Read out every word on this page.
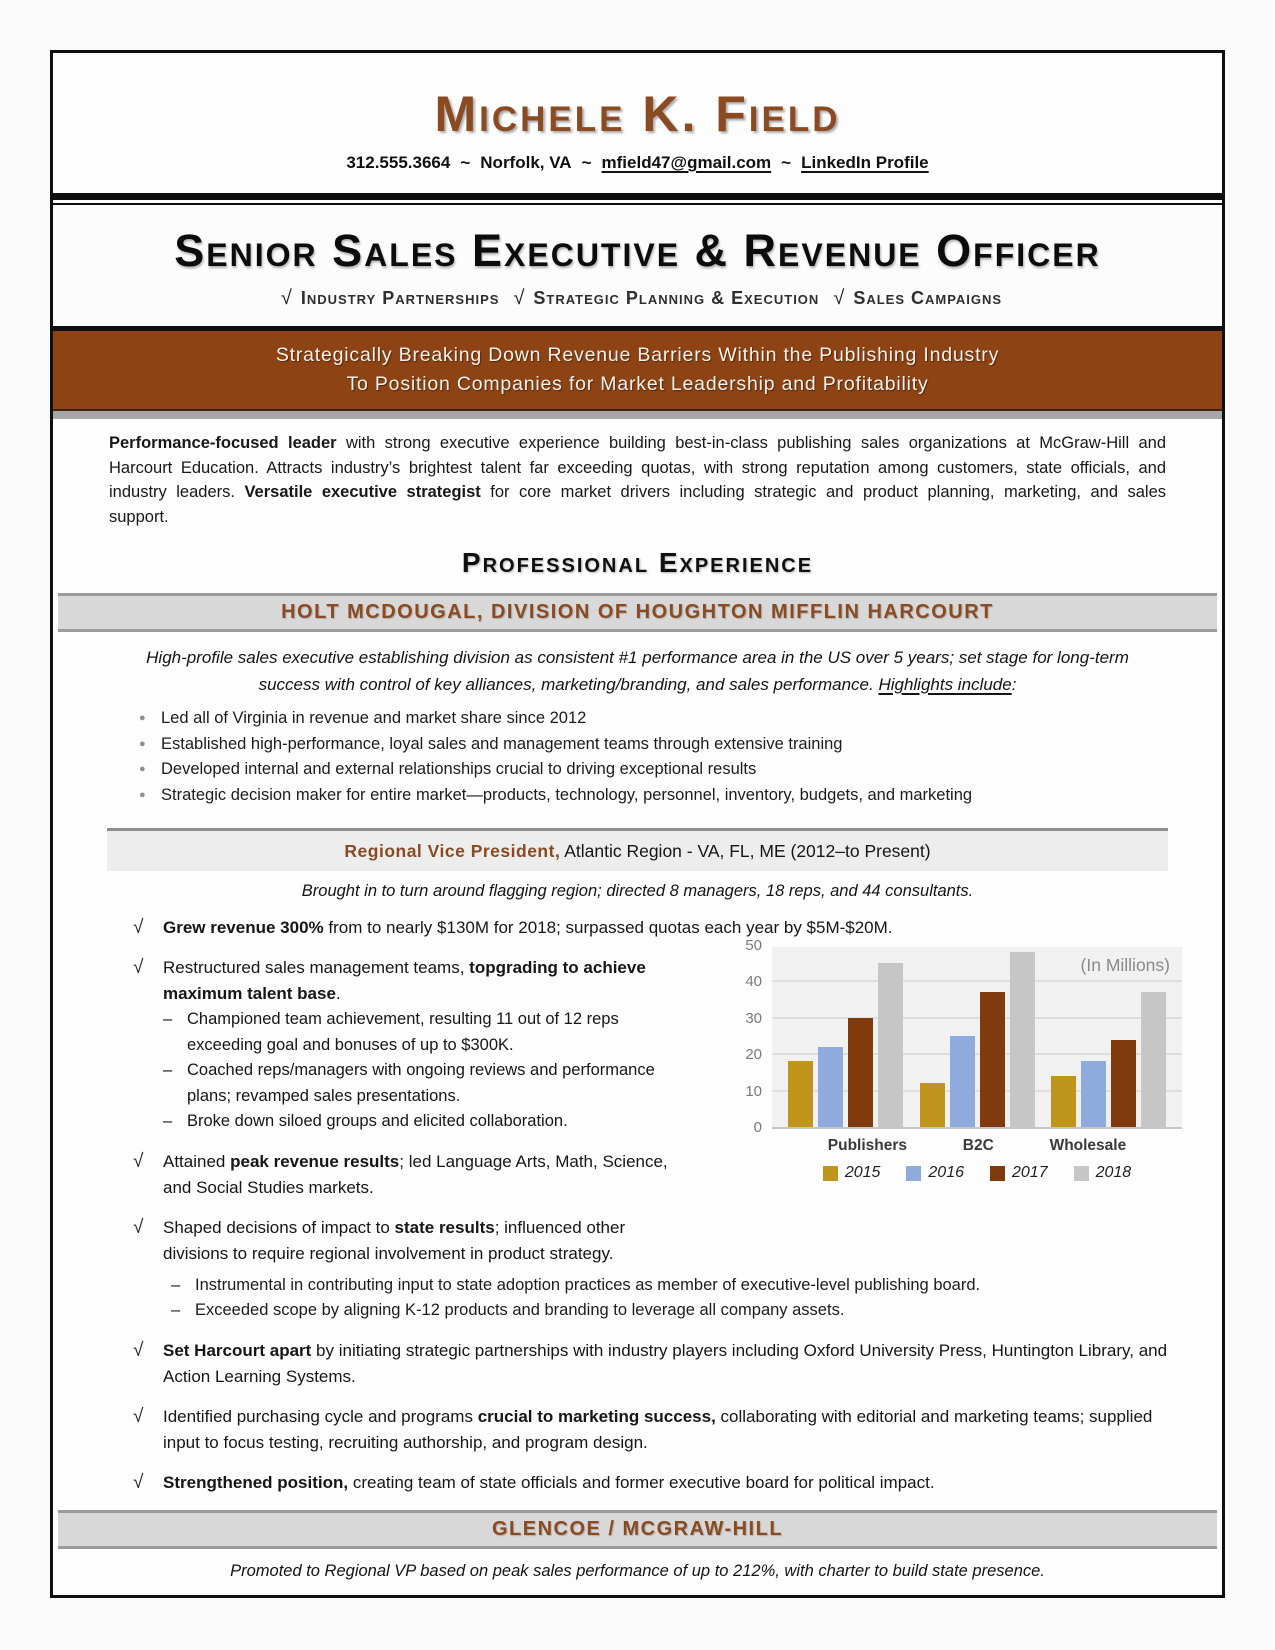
Michele K. Field
312.555.3664 ~ Norfolk, VA ~ mfield47@gmail.com ~ LinkedIn Profile
Senior Sales Executive & Revenue Officer
√ Industry Partnerships √ Strategic Planning & Execution √ Sales Campaigns
Strategically Breaking Down Revenue Barriers Within the Publishing Industry
To Position Companies for Market Leadership and Profitability
Performance-focused leader with strong executive experience building best-in-class publishing sales organizations at McGraw-Hill and Harcourt Education. Attracts industry’s brightest talent far exceeding quotas, with strong reputation among customers, state officials, and industry leaders. Versatile executive strategist for core market drivers including strategic and product planning, marketing, and sales support.
Professional Experience
HOLT MCDOUGAL, DIVISION OF HOUGHTON MIFFLIN HARCOURT
High-profile sales executive establishing division as consistent #1 performance area in the US over 5 years; set stage for long-term success with control of key alliances, marketing/branding, and sales performance. Highlights include:
● Led all of Virginia in revenue and market share since 2012
● Established high-performance, loyal sales and management teams through extensive training
● Developed internal and external relationships crucial to driving exceptional results
● Strategic decision maker for entire market—products, technology, personnel, inventory, budgets, and marketing
Regional Vice President, Atlantic Region - VA, FL, ME (2012–to Present)
Brought in to turn around flagging region; directed 8 managers, 18 reps, and 44 consultants.
√	Grew revenue 300% from to nearly $130M for 2018; surpassed quotas each year by $5M-$20M.
√	Restructured sales management teams, topgrading to achieve maximum talent base.
– Championed team achievement, resulting 11 out of 12 reps exceeding goal and bonuses of up to $300K.
– Coached reps/managers with ongoing reviews and performance plans; revamped sales presentations.
– Broke down siloed groups and elicited collaboration.
√	Attained peak revenue results; led Language Arts, Math, Science, and Social Studies markets.
√	Shaped decisions of impact to state results; influenced other divisions to require regional involvement in product strategy.
(In Millions)
0
10
20
30
40
50
Publishers	B2C	Wholesale
2015	2016	2017	2018
– Instrumental in contributing input to state adoption practices as member of executive-level publishing board.
– Exceeded scope by aligning K-12 products and branding to leverage all company assets.
√	Set Harcourt apart by initiating strategic partnerships with industry players including Oxford University Press, Huntington Library, and Action Learning Systems.
√	Identified purchasing cycle and programs crucial to marketing success, collaborating with editorial and marketing teams; supplied input to focus testing, recruiting authorship, and program design.
√	Strengthened position, creating team of state officials and former executive board for political impact.
GLENCOE / MCGRAW-HILL
Promoted to Regional VP based on peak sales performance of up to 212%, with charter to build state presence.
